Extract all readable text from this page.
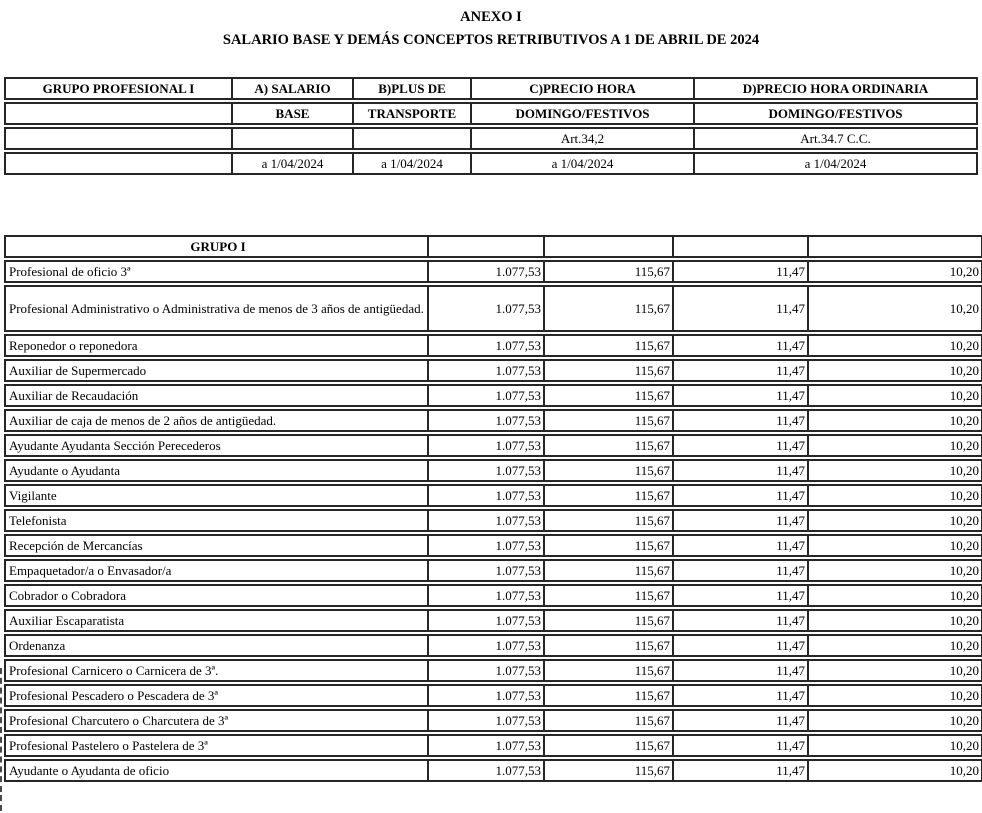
ANEXO I
SALARIO BASE Y DEMÁS CONCEPTOS RETRIBUTIVOS A 1 DE ABRIL DE 2024
GRUPO PROFESIONAL I	A) SALARIO	B)PLUS DE	C)PRECIO HORA	D)PRECIO HORA ORDINARIA
	BASE	TRANSPORTE	DOMINGO/FESTIVOS	DOMINGO/FESTIVOS
			Art.34,2	Art.34.7 C.C.
	a 1/04/2024	a 1/04/2024	a 1/04/2024	a 1/04/2024
GRUPO I				
Profesional de oficio 3ª	1.077,53	115,67	11,47	10,20
Profesional Administrativo o Administrativa de menos de 3 años de antigüedad.	1.077,53	115,67	11,47	10,20
Reponedor o reponedora	1.077,53	115,67	11,47	10,20
Auxiliar de Supermercado	1.077,53	115,67	11,47	10,20
Auxiliar de Recaudación	1.077,53	115,67	11,47	10,20
Auxiliar de caja de menos de 2 años de antigüedad.	1.077,53	115,67	11,47	10,20
Ayudante Ayudanta Sección Perecederos	1.077,53	115,67	11,47	10,20
Ayudante o Ayudanta	1.077,53	115,67	11,47	10,20
Vigilante	1.077,53	115,67	11,47	10,20
Telefonista	1.077,53	115,67	11,47	10,20
Recepción de Mercancías	1.077,53	115,67	11,47	10,20
Empaquetador/a o Envasador/a	1.077,53	115,67	11,47	10,20
Cobrador o Cobradora	1.077,53	115,67	11,47	10,20
Auxiliar Escaparatista	1.077,53	115,67	11,47	10,20
Ordenanza	1.077,53	115,67	11,47	10,20
Profesional Carnicero o Carnicera de 3ª.	1.077,53	115,67	11,47	10,20
Profesional Pescadero o Pescadera de 3ª	1.077,53	115,67	11,47	10,20
Profesional Charcutero o Charcutera de 3ª	1.077,53	115,67	11,47	10,20
Profesional Pastelero o Pastelera de 3ª	1.077,53	115,67	11,47	10,20
Ayudante o Ayudanta de oficio	1.077,53	115,67	11,47	10,20
